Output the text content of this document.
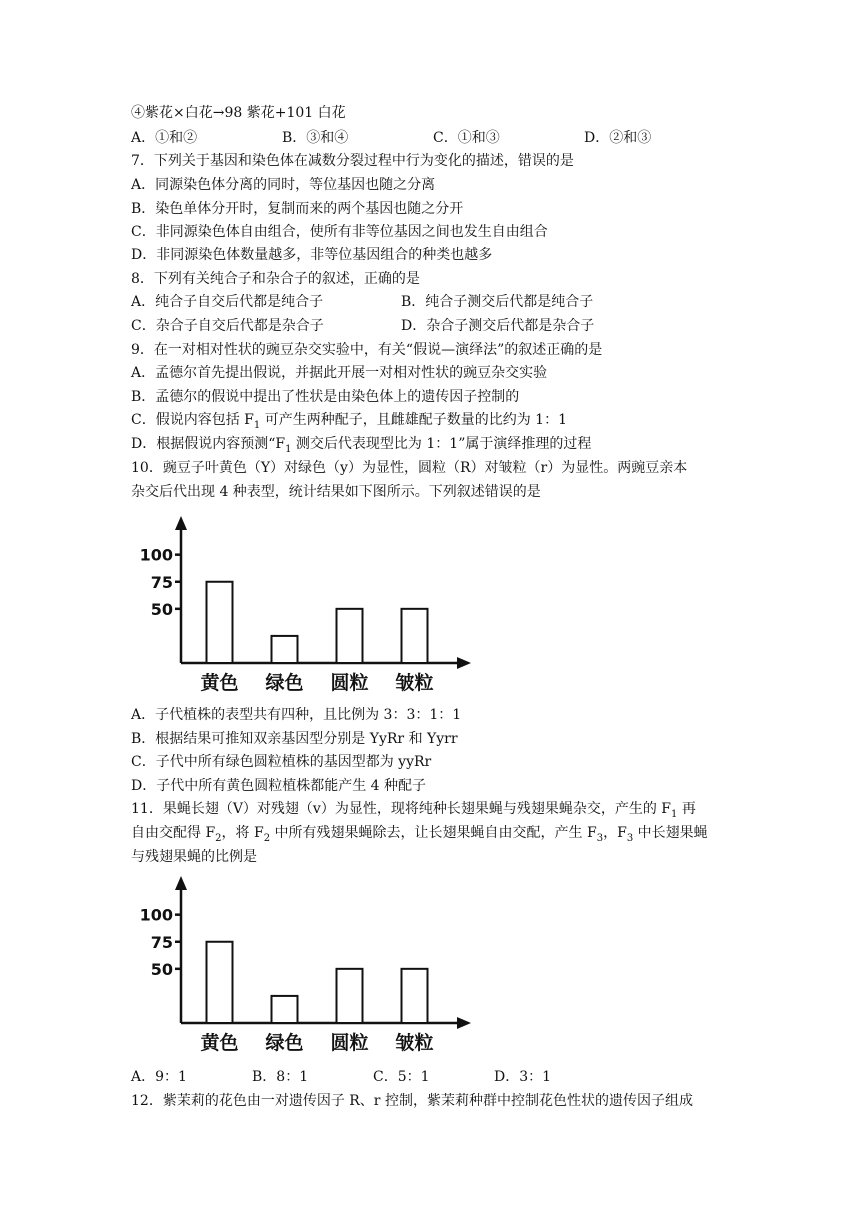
④紫花×白花→98 紫花+101 白花
A．①和②	B．③和④	C．①和③	D．②和③
7．下列关于基因和染色体在减数分裂过程中行为变化的描述，错误的是
A．同源染色体分离的同时，等位基因也随之分离
B．染色单体分开时，复制而来的两个基因也随之分开
C．非同源染色体自由组合，使所有非等位基因之间也发生自由组合
D．非同源染色体数量越多，非等位基因组合的种类也越多
8．下列有关纯合子和杂合子的叙述，正确的是
A．纯合子自交后代都是纯合子	B．纯合子测交后代都是纯合子
C．杂合子自交后代都是杂合子	D．杂合子测交后代都是杂合子
9．在一对相对性状的豌豆杂交实验中，有关“假说—演绎法”的叙述正确的是
A．孟德尔首先提出假说，并据此开展一对相对性状的豌豆杂交实验
B．孟德尔的假说中提出了性状是由染色体上的遗传因子控制的
C．假说内容包括 $F_1$ 可产生两种配子，且雌雄配子数量的比约为 1：1
D．根据假说内容预测“$F_1$ 测交后代表现型比为 1：1”属于演绎推理的过程
10．豌豆子叶黄色（Y）对绿色（y）为显性，圆粒（R）对皱粒（r）为显性。两豌豆亲本
杂交后代出现 4 种表型，统计结果如下图所示。下列叙述错误的是
100
75
50
黄色 绿色 圆粒 皱粒
A．子代植株的表型共有四种，且比例为 3：3：1：1
B．根据结果可推知双亲基因型分别是 YyRr 和 Yyrr
C．子代中所有绿色圆粒植株的基因型都为 yyRr
D．子代中所有黄色圆粒植株都能产生 4 种配子
11．果蝇长翅（V）对残翅（v）为显性，现将纯种长翅果蝇与残翅果蝇杂交，产生的 $F_1$ 再
自由交配得 $F_2$，将 $F_2$ 中所有残翅果蝇除去，让长翅果蝇自由交配，产生 $F_3$，$F_3$ 中长翅果蝇
与残翅果蝇的比例是
100
75
50
黄色 绿色 圆粒 皱粒
A．9：1	B．8：1	C．5：1	D．3：1
12．紫茉莉的花色由一对遗传因子 R、r 控制，紫茉莉种群中控制花色性状的遗传因子组成
